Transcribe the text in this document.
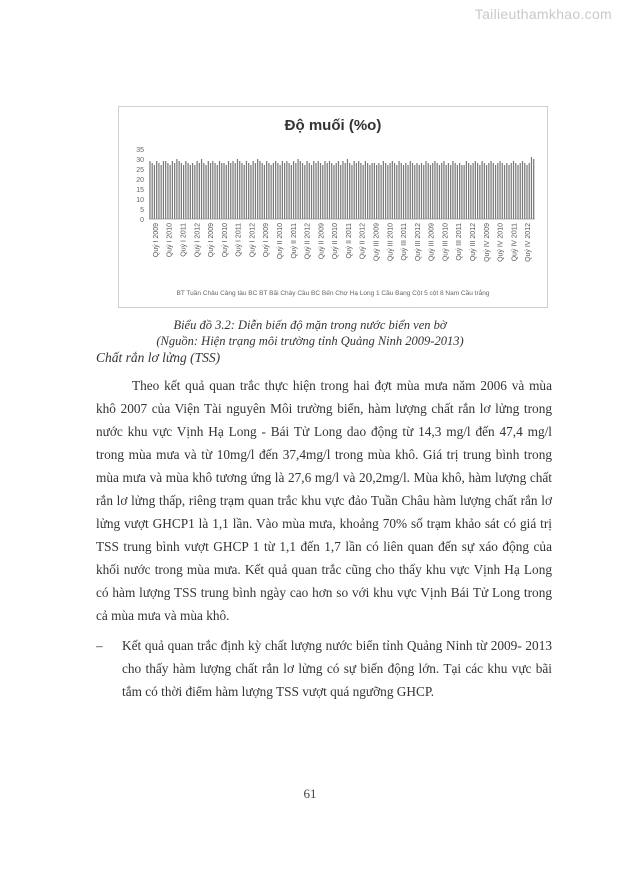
Tailieuthamkhao.com
Độ muối (%o)
0
5
10
15
20
25
30
35
Quý I 2009 Quý I 2010 Quý I 2011 Quý I 2012 Quý I 2009 Quý I 2010 Quý I 2011 Quý I 2012 Quý I 2009 Quý II 2010 Quý II 2011 Quý II 2012 Quý II 2009 Quý II 2010 Quý II 2011 Quý II 2012 Quý III 2009 Quý III 2010 Quý III 2011 Quý III 2012 Quý III 2009 Quý III 2010 Quý III 2011 Quý III 2012 Quý IV 2009 Quý IV 2010 Quý IV 2011 Quý IV 2012
BT Tuần Châu Cảng tàu BC BT Bãi Cháy Cầu BC Bến Chợ Hạ Long 1 Cầu Bang Cột 5 cột 8 Nam Cầu trắng
Biểu đồ 3.2: Diễn biến độ mặn trong nước biển ven bờ
(Nguồn: Hiện trạng môi trường tỉnh Quảng Ninh 2009-2013)
Chất rắn lơ lửng (TSS)
Theo kết quả quan trắc thực hiện trong hai đợt mùa mưa năm 2006 và mùa khô 2007 của Viện Tài nguyên Môi trường biển, hàm lượng chất rắn lơ lửng trong nước khu vực Vịnh Hạ Long - Bái Tử Long dao động từ 14,3 mg/l đến 47,4 mg/l trong mùa mưa và từ 10mg/l đến 37,4mg/l trong mùa khô. Giá trị trung bình trong mùa mưa và mùa khô tương ứng là 27,6 mg/l và 20,2mg/l. Mùa khô, hàm lượng chất rắn lơ lửng thấp, riêng trạm quan trắc khu vực đảo Tuần Châu hàm lượng chất rắn lơ lửng vượt GHCP1 là 1,1 lần. Vào mùa mưa, khoảng 70% số trạm khảo sát có giá trị TSS trung bình vượt GHCP 1 từ 1,1 đến 1,7 lần có liên quan đến sự xáo động của khối nước trong mùa mưa. Kết quả quan trắc cũng cho thấy khu vực Vịnh Hạ Long có hàm lượng TSS trung bình ngày cao hơn so với khu vực Vịnh Bái Tử Long trong cả mùa mưa và mùa khô.
– Kết quả quan trắc định kỳ chất lượng nước biển tỉnh Quảng Ninh từ 2009- 2013 cho thấy hàm lượng chất rắn lơ lửng có sự biến động lớn. Tại các khu vực bãi tắm có thời điểm hàm lượng TSS vượt quá ngưỡng GHCP.
61
